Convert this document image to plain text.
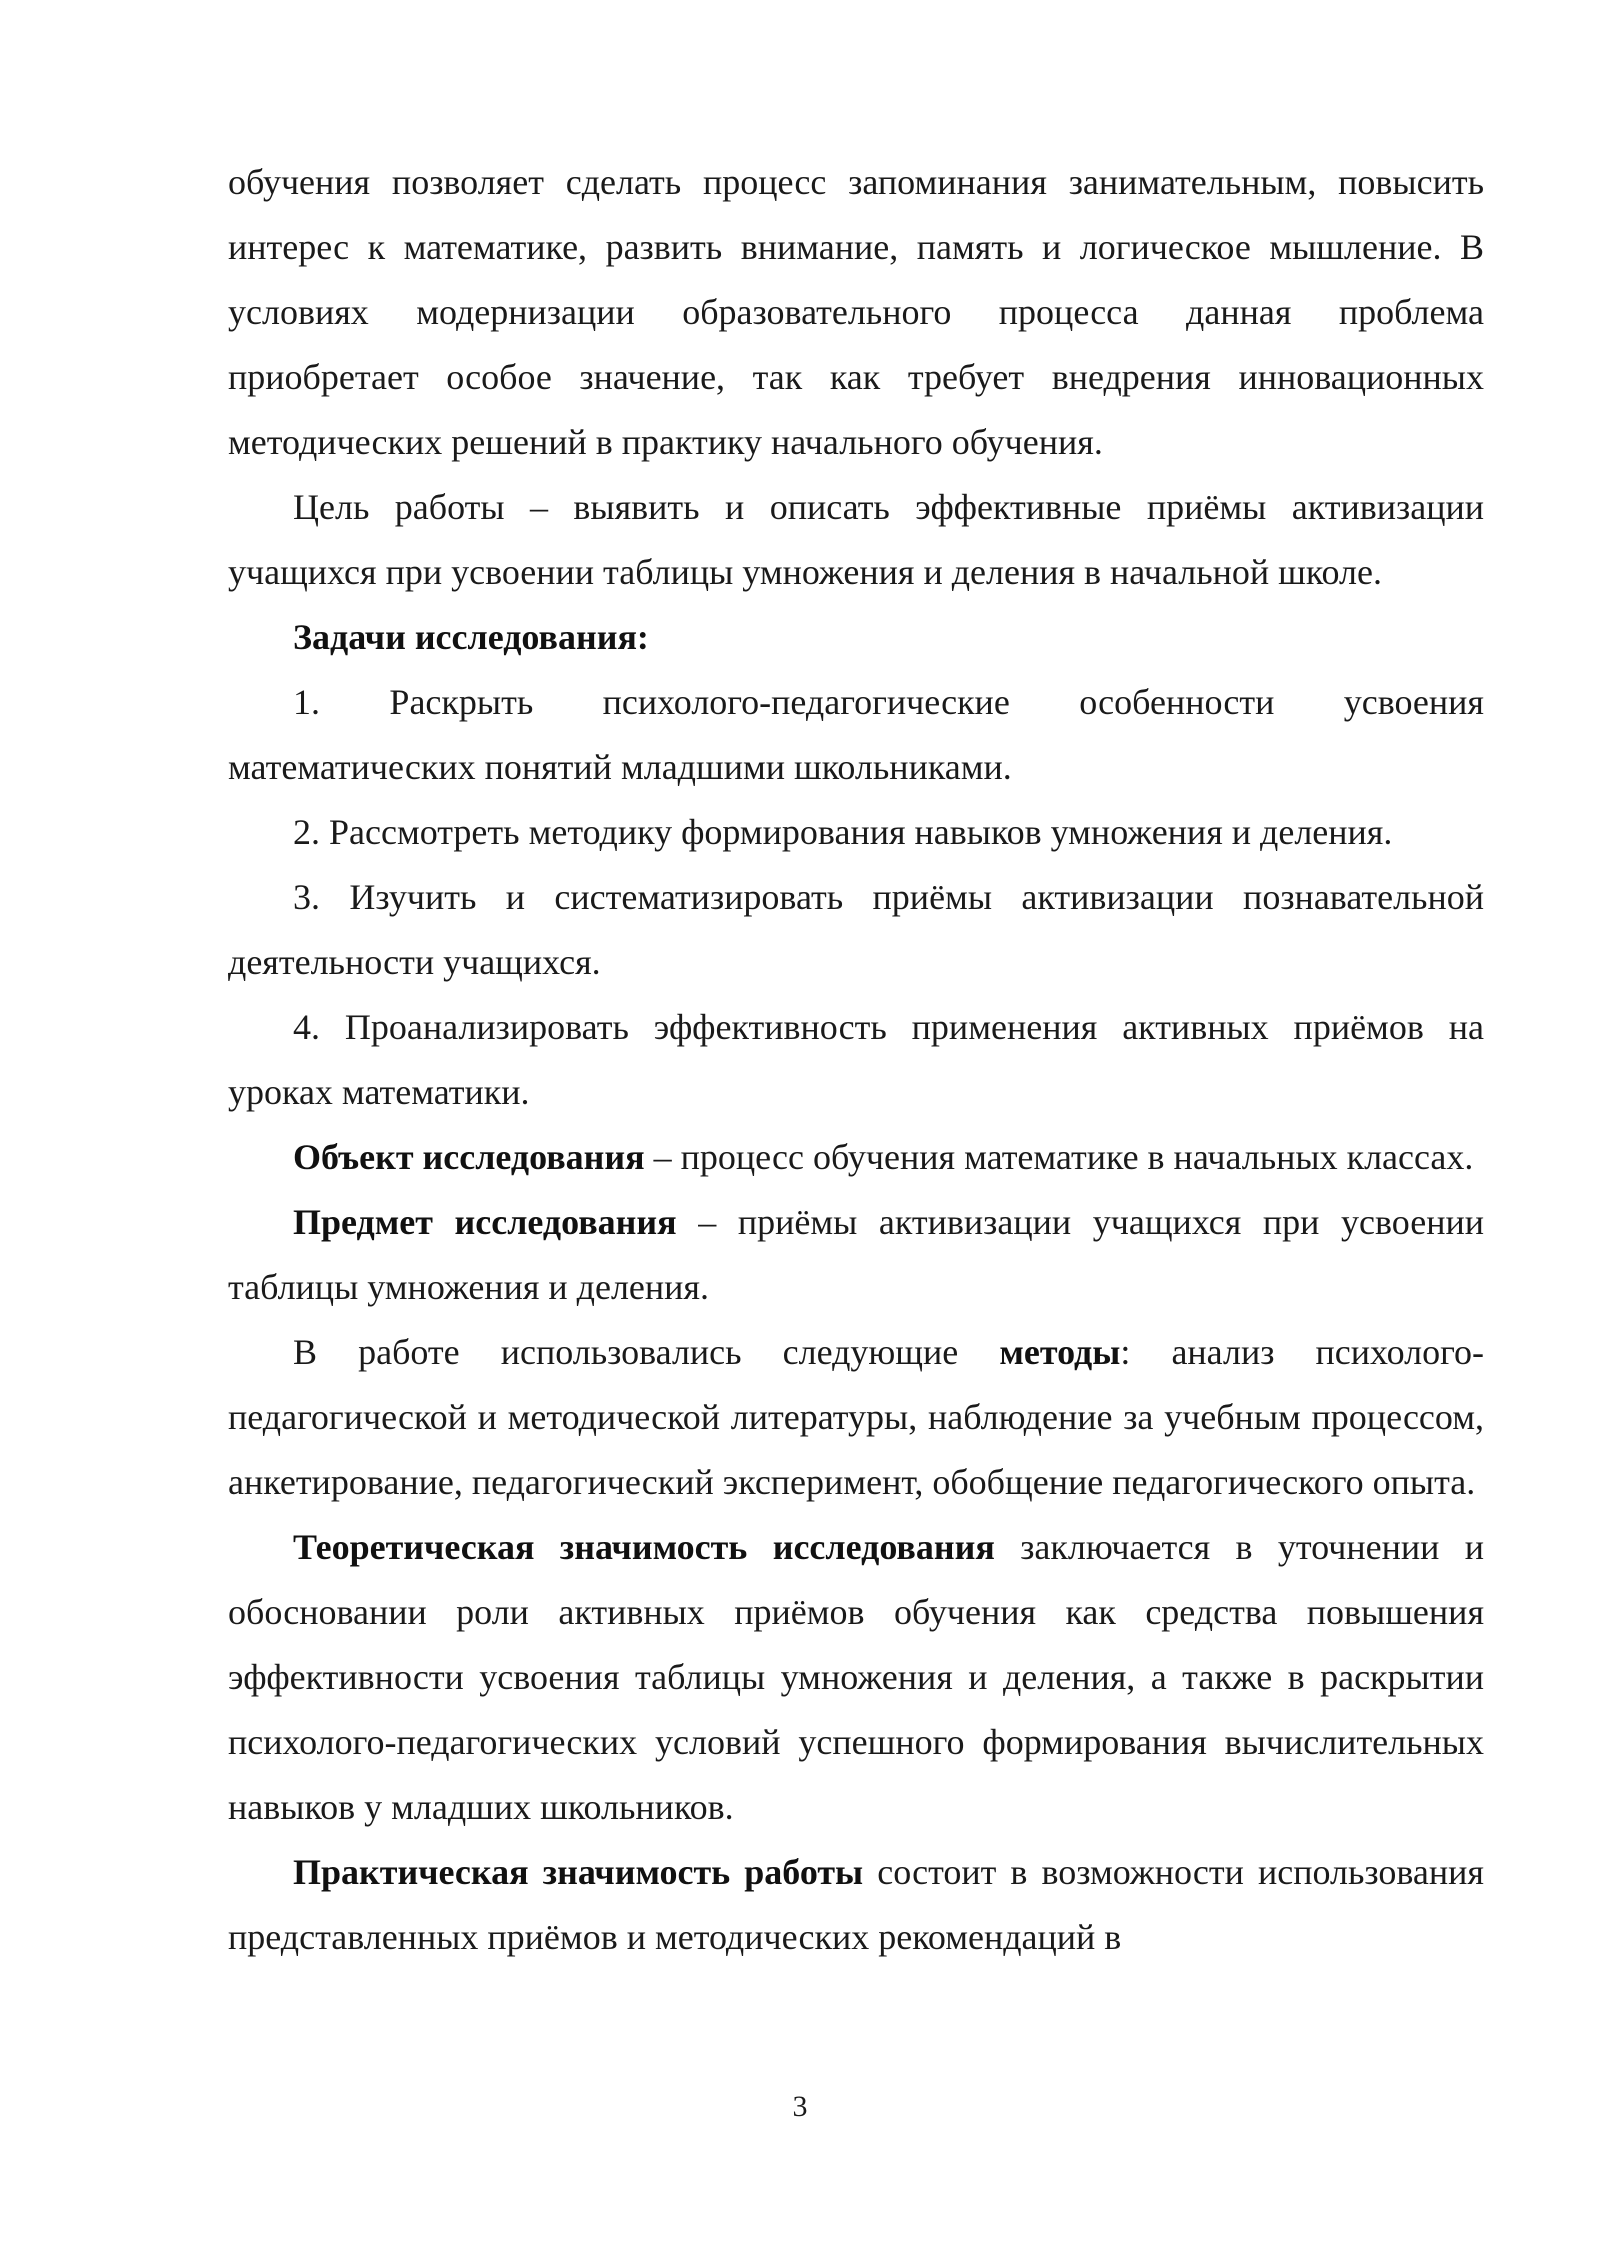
обучения позволяет сделать процесс запоминания занимательным, повысить интерес к математике, развить внимание, память и логическое мышление. В условиях модернизации образовательного процесса данная проблема приобретает особое значение, так как требует внедрения инновационных методических решений в практику начального обучения.

Цель работы – выявить и описать эффективные приёмы активизации учащихся при усвоении таблицы умножения и деления в начальной школе.

Задачи исследования:

1. Раскрыть психолого-педагогические особенности усвоения математических понятий младшими школьниками.

2. Рассмотреть методику формирования навыков умножения и деления.

3. Изучить и систематизировать приёмы активизации познавательной деятельности учащихся.

4. Проанализировать эффективность применения активных приёмов на уроках математики.

Объект исследования – процесс обучения математике в начальных классах.

Предмет исследования – приёмы активизации учащихся при усвоении таблицы умножения и деления.

В работе использовались следующие методы: анализ психолого-педагогической и методической литературы, наблюдение за учебным процессом, анкетирование, педагогический эксперимент, обобщение педагогического опыта.

Теоретическая значимость исследования заключается в уточнении и обосновании роли активных приёмов обучения как средства повышения эффективности усвоения таблицы умножения и деления, а также в раскрытии психолого-педагогических условий успешного формирования вычислительных навыков у младших школьников.

Практическая значимость работы состоит в возможности использования представленных приёмов и методических рекомендаций в

3
